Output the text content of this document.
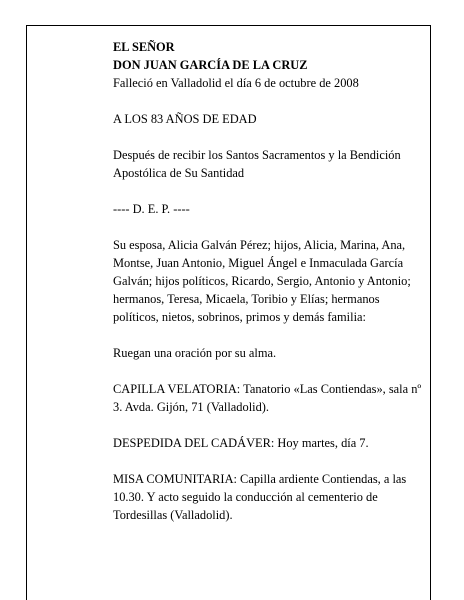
EL SEÑOR

DON JUAN GARCÍA DE LA CRUZ

Falleció en Valladolid el día 6 de octubre de 2008

A LOS 83 AÑOS DE EDAD

Después de recibir los Santos Sacramentos y la Bendición Apostólica de Su Santidad

---- D. E. P. ----

Su esposa, Alicia Galván Pérez; hijos, Alicia, Marina, Ana, Montse, Juan Antonio, Miguel Ángel e Inmaculada García Galván; hijos políticos, Ricardo, Sergio, Antonio y Antonio; hermanos, Teresa, Micaela, Toribio y Elías; hermanos políticos, nietos, sobrinos, primos y demás familia:

Ruegan una oración por su alma.

CAPILLA VELATORIA: Tanatorio «Las Contiendas», sala nº 3. Avda. Gijón, 71 (Valladolid).

DESPEDIDA DEL CADÁVER: Hoy martes, día 7.

MISA COMUNITARIA: Capilla ardiente Contiendas, a las 10.30. Y acto seguido la conducción al cementerio de Tordesillas (Valladolid).
